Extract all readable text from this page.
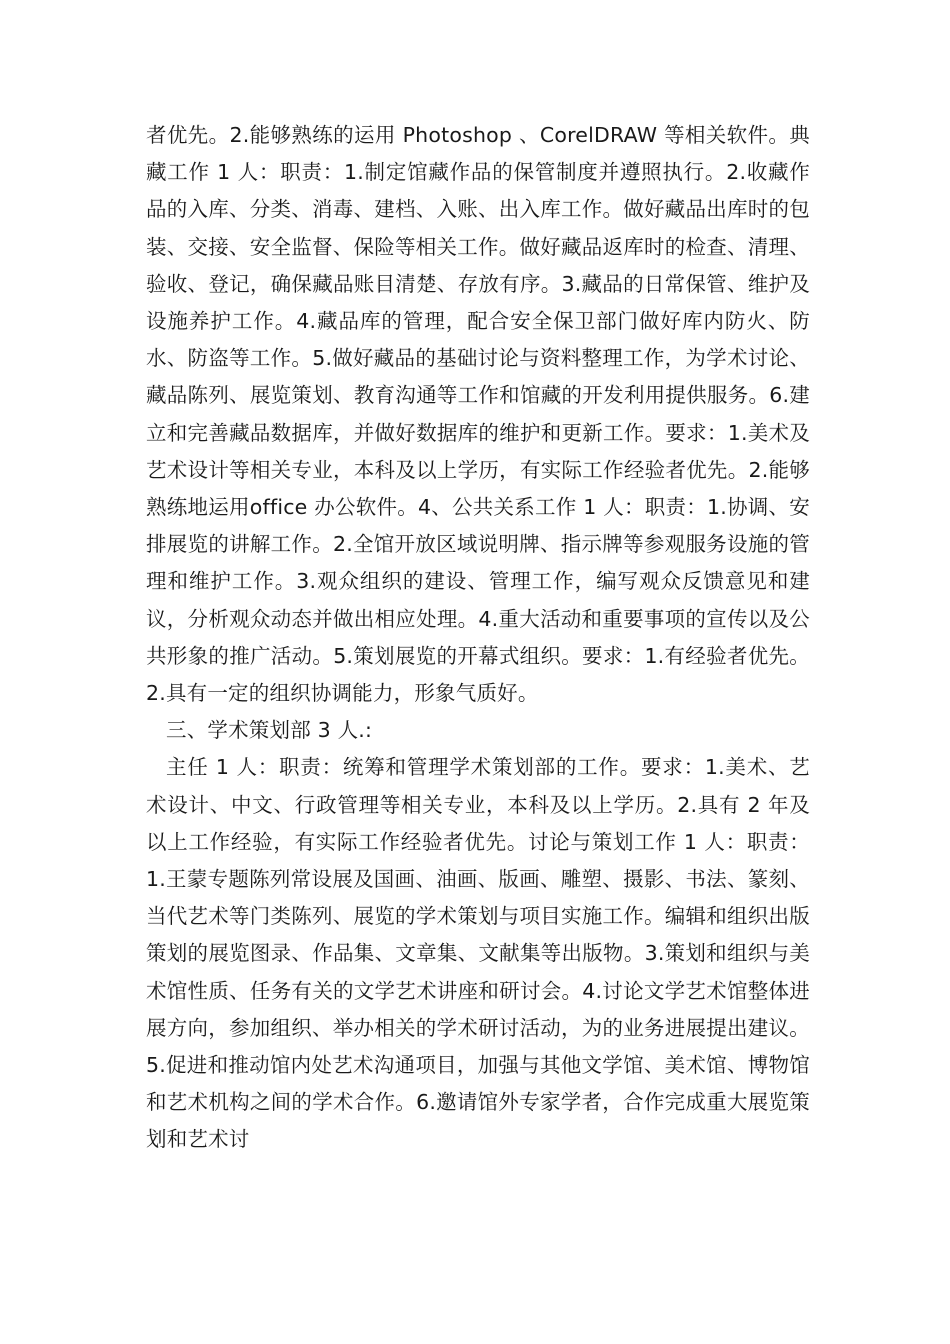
者优先。2.能够熟练的运用 Photoshop 、CorelDRAW 等相关软件。典藏工作 1 人：职责：1.制定馆藏作品的保管制度并遵照执行。2.收藏作品的入库、分类、消毒、建档、入账、出入库工作。做好藏品出库时的包装、交接、安全监督、保险等相关工作。做好藏品返库时的检查、清理、验收、登记，确保藏品账目清楚、存放有序。3.藏品的日常保管、维护及设施养护工作。4.藏品库的管理，配合安全保卫部门做好库内防火、防水、防盗等工作。5.做好藏品的基础讨论与资料整理工作，为学术讨论、藏品陈列、展览策划、教育沟通等工作和馆藏的开发利用提供服务。6.建立和完善藏品数据库，并做好数据库的维护和更新工作。要求：1.美术及艺术设计等相关专业，本科及以上学历，有实际工作经验者优先。2.能够熟练地运用office 办公软件。4、公共关系工作 1 人：职责：1.协调、安排展览的讲解工作。2.全馆开放区域说明牌、指示牌等参观服务设施的管理和维护工作。3.观众组织的建设、管理工作，编写观众反馈意见和建议，分析观众动态并做出相应处理。4.重大活动和重要事项的宣传以及公共形象的推广活动。5.策划展览的开幕式组织。要求：1.有经验者优先。2.具有一定的组织协调能力，形象气质好。

三、学术策划部 3 人.:

主任 1 人：职责：统筹和管理学术策划部的工作。要求：1.美术、艺术设计、中文、行政管理等相关专业，本科及以上学历。2.具有 2 年及以上工作经验，有实际工作经验者优先。讨论与策划工作 1 人：职责：1.王蒙专题陈列常设展及国画、油画、版画、雕塑、摄影、书法、篆刻、当代艺术等门类陈列、展览的学术策划与项目实施工作。编辑和组织出版策划的展览图录、作品集、文章集、文献集等出版物。3.策划和组织与美术馆性质、任务有关的文学艺术讲座和研讨会。4.讨论文学艺术馆整体进展方向，参加组织、举办相关的学术研讨活动，为的业务进展提出建议。5.促进和推动馆内处艺术沟通项目，加强与其他文学馆、美术馆、博物馆和艺术机构之间的学术合作。6.邀请馆外专家学者，合作完成重大展览策划和艺术讨
